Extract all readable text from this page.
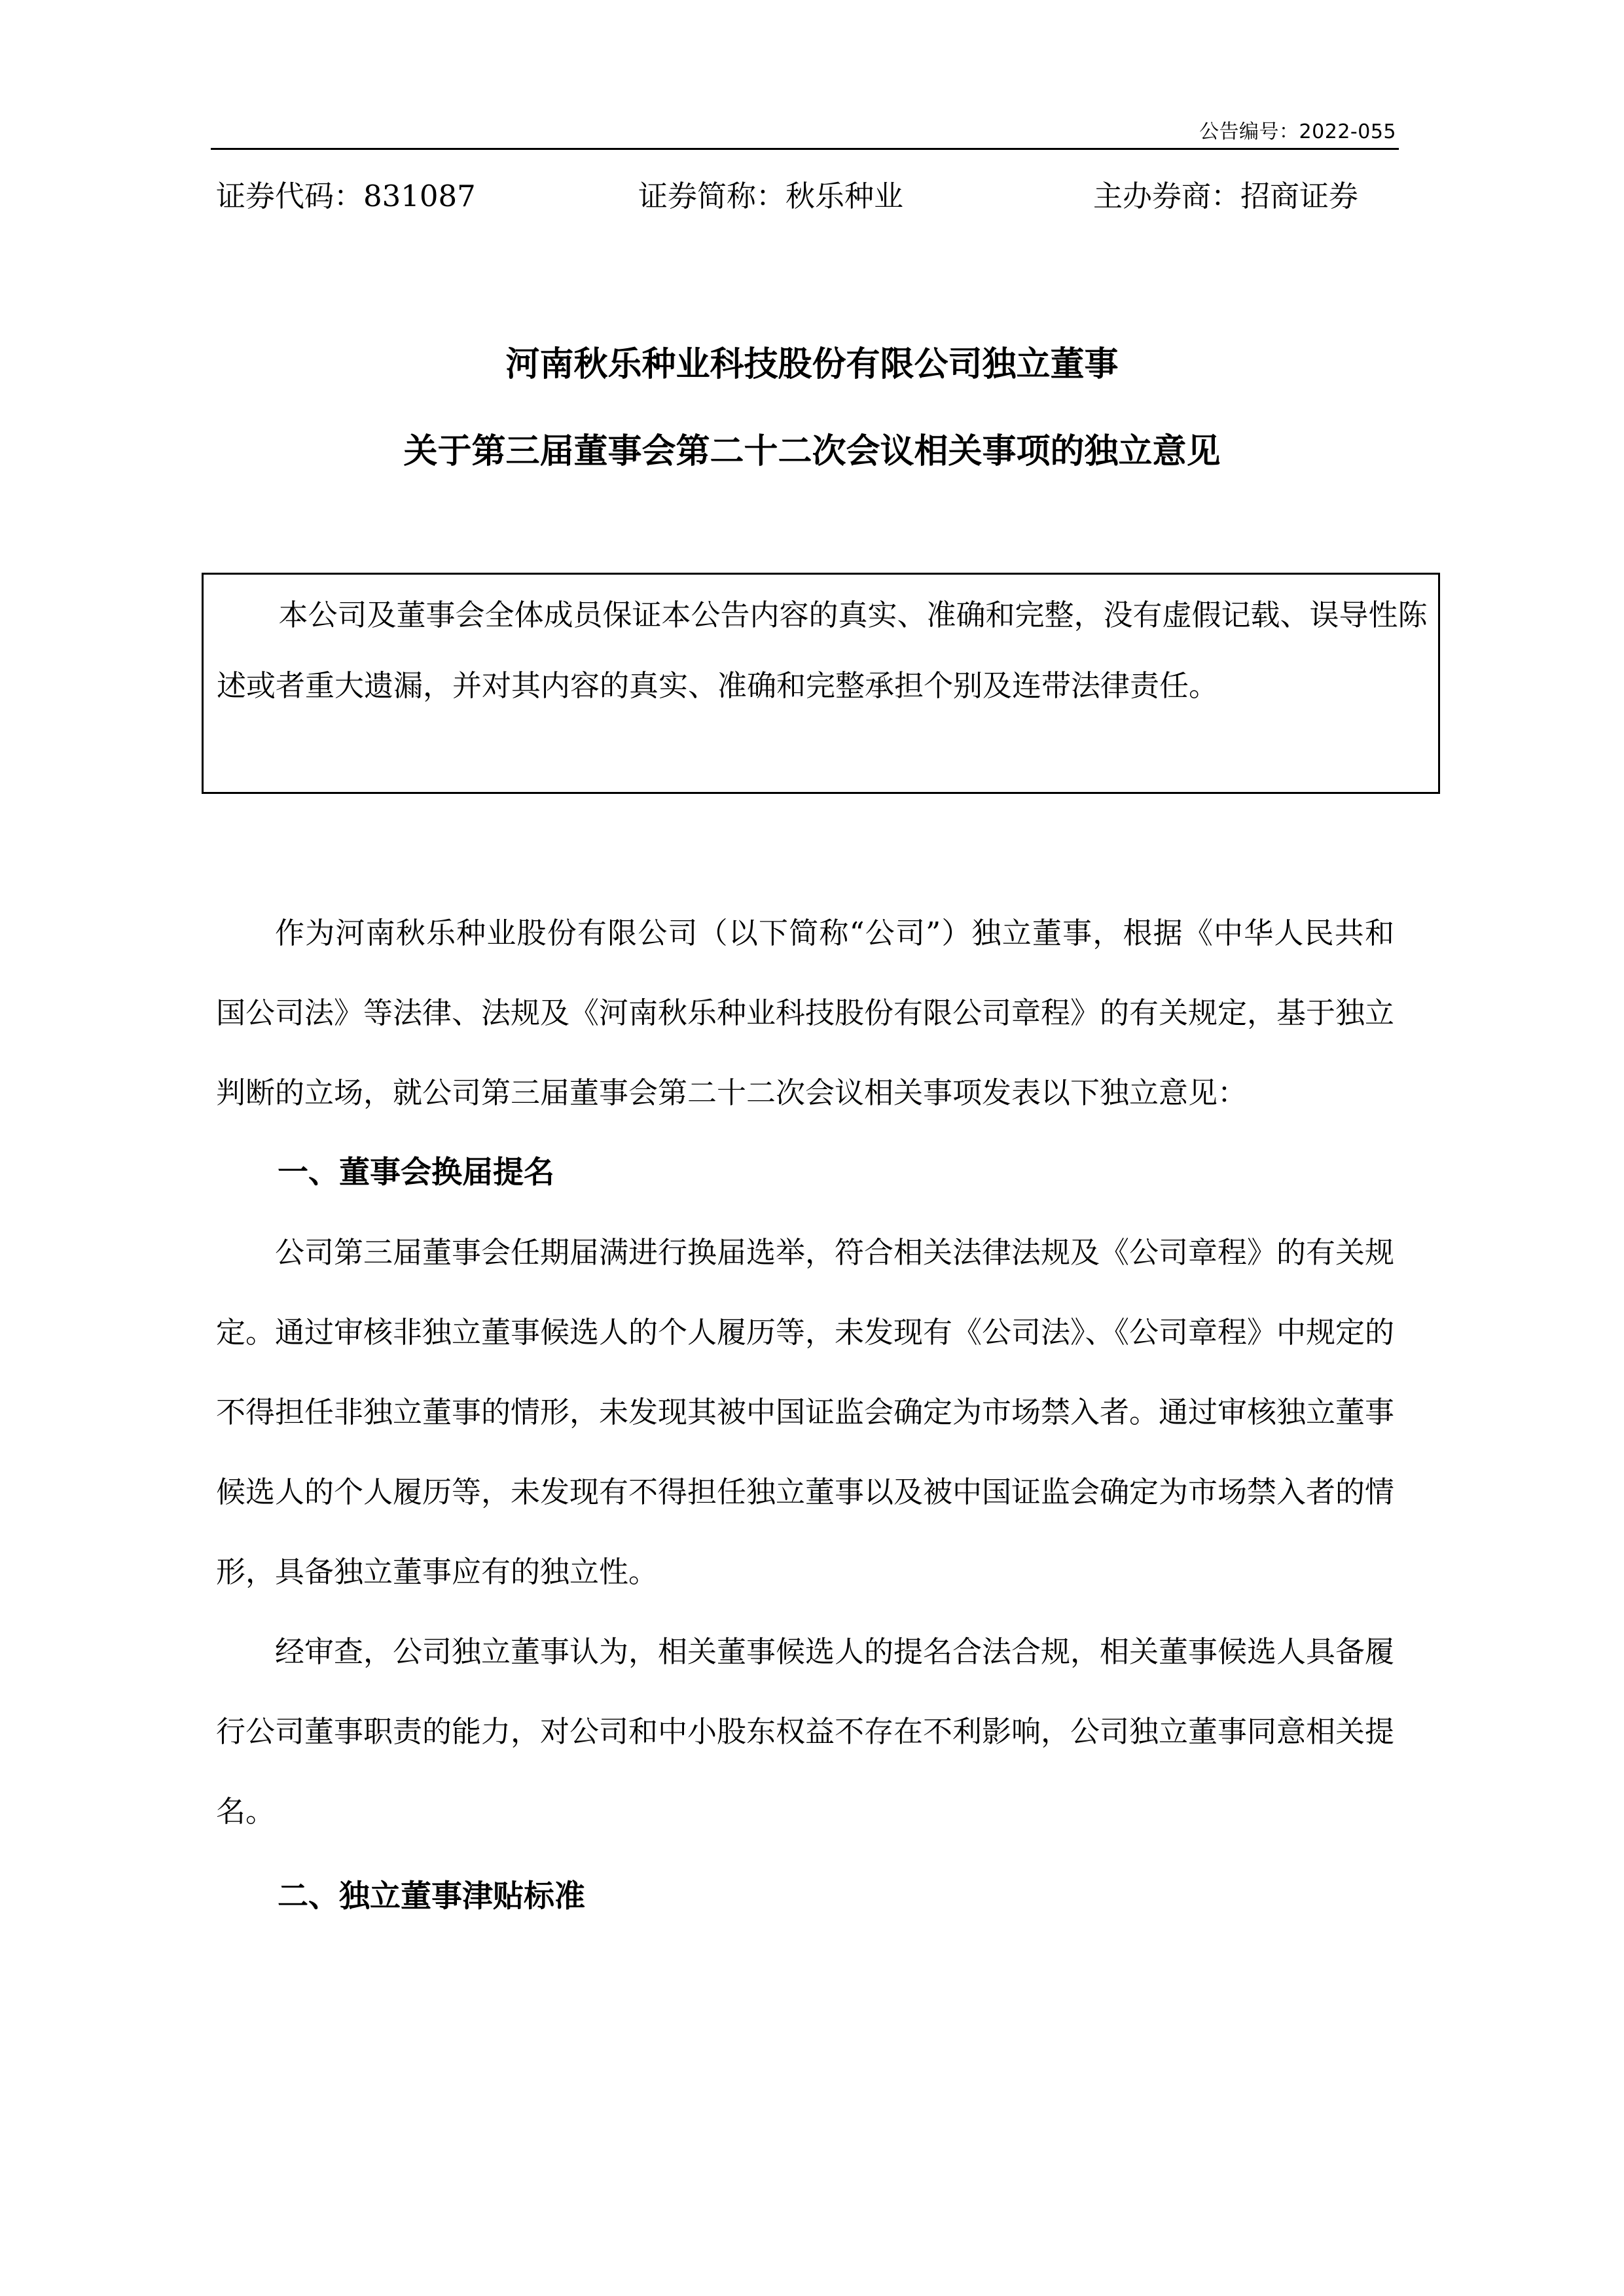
公告编号：2022-055
证券代码：831087	证券简称：秋乐种业	主办券商：招商证券
河南秋乐种业科技股份有限公司独立董事
关于第三届董事会第二十二次会议相关事项的独立意见

本公司及董事会全体成员保证本公告内容的真实、准确和完整，没有虚假记载、误导性陈述或者重大遗漏，并对其内容的真实、准确和完整承担个别及连带法律责任。

作为河南秋乐种业股份有限公司（以下简称“公司”）独立董事，根据《中华人民共和国公司法》等法律、法规及《河南秋乐种业科技股份有限公司章程》的有关规定，基于独立判断的立场，就公司第三届董事会第二十二次会议相关事项发表以下独立意见：

一、董事会换届提名

公司第三届董事会任期届满进行换届选举，符合相关法律法规及《公司章程》的有关规定。通过审核非独立董事候选人的个人履历等，未发现有《公司法》、《公司章程》中规定的不得担任非独立董事的情形，未发现其被中国证监会确定为市场禁入者。通过审核独立董事候选人的个人履历等，未发现有不得担任独立董事以及被中国证监会确定为市场禁入者的情形，具备独立董事应有的独立性。

经审查，公司独立董事认为，相关董事候选人的提名合法合规，相关董事候选人具备履行公司董事职责的能力，对公司和中小股东权益不存在不利影响，公司独立董事同意相关提名。

二、独立董事津贴标准
